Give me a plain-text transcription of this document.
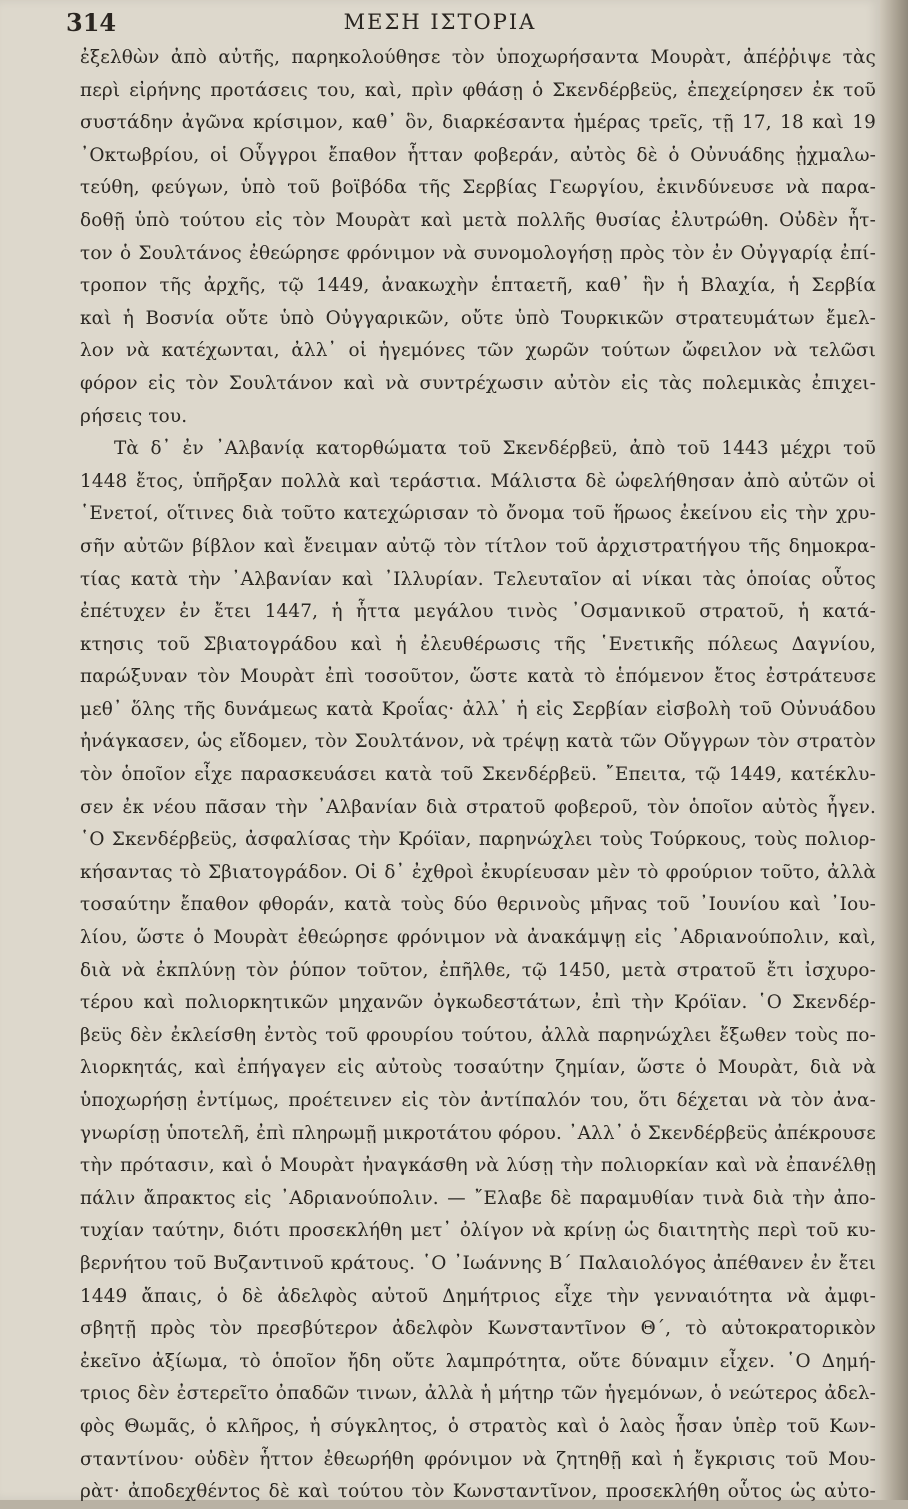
314	ΜΕΣΗ ΙΣΤΟΡΙΑ
ἐξελθὼν ἀπὸ αὐτῆς, παρηκολούθησε τὸν ὑποχωρήσαντα Μουρὰτ, ἀπέῤῥιψε τὰς
περὶ εἰρήνης προτάσεις του, καὶ, πρὶν φθάσῃ ὁ Σκενδέρβεϋς, ἐπεχείρησεν ἐκ τοῦ
συστάδην ἀγῶνα κρίσιμον, καθ᾿ ὃν, διαρκέσαντα ἡμέρας τρεῖς, τῇ 17, 18 καὶ 19
᾿Οκτωβρίου, οἱ Οὗγγροι ἔπαθον ἧτταν φοβεράν, αὐτὸς δὲ ὁ Οὐνυάδης ᾐχμαλω-
τεύθη, φεύγων, ὑπὸ τοῦ βοϊβόδα τῆς Σερβίας Γεωργίου, ἐκινδύνευσε νὰ παρα-
δοθῇ ὑπὸ τούτου εἰς τὸν Μουρὰτ καὶ μετὰ πολλῆς θυσίας ἐλυτρώθη. Οὐδὲν ἧτ-
τον ὁ Σουλτάνος ἐθεώρησε φρόνιμον νὰ συνομολογήσῃ πρὸς τὸν ἐν Οὐγγαρίᾳ ἐπί-
τροπον τῆς ἀρχῆς, τῷ 1449, ἀνακωχὴν ἑπταετῆ, καθ᾿ ἣν ἡ Βλαχία, ἡ Σερβία
καὶ ἡ Βοσνία οὔτε ὑπὸ Οὐγγαρικῶν, οὔτε ὑπὸ Τουρκικῶν στρατευμάτων ἔμελ-
λον νὰ κατέχωνται, ἀλλ᾿ οἱ ἡγεμόνες τῶν χωρῶν τούτων ὤφειλον νὰ τελῶσι
φόρον εἰς τὸν Σουλτάνον καὶ νὰ συντρέχωσιν αὐτὸν εἰς τὰς πολεμικὰς ἐπιχει-
ρήσεις του.
Τὰ δ᾿ ἐν ᾿Αλβανίᾳ κατορθώματα τοῦ Σκενδέρβεϋ, ἀπὸ τοῦ 1443 μέχρι τοῦ
1448 ἔτος, ὑπῆρξαν πολλὰ καὶ τεράστια. Μάλιστα δὲ ὠφελήθησαν ἀπὸ αὐτῶν οἱ
῾Ενετοί, οἵτινες διὰ τοῦτο κατεχώρισαν τὸ ὄνομα τοῦ ἥρωος ἐκείνου εἰς τὴν χρυ-
σῆν αὐτῶν βίβλον καὶ ἔνειμαν αὐτῷ τὸν τίτλον τοῦ ἀρχιστρατήγου τῆς δημοκρα-
τίας κατὰ τὴν ᾿Αλβανίαν καὶ ᾿Ιλλυρίαν. Τελευταῖον αἱ νίκαι τὰς ὁποίας οὗτος
ἐπέτυχεν ἐν ἔτει 1447, ἡ ἧττα μεγάλου τινὸς ᾿Οσμανικοῦ στρατοῦ, ἡ κατά-
κτησις τοῦ Σβιατογράδου καὶ ἡ ἐλευθέρωσις τῆς ῾Ενετικῆς πόλεως Δαγνίου,
παρώξυναν τὸν Μουρὰτ ἐπὶ τοσοῦτον, ὥστε κατὰ τὸ ἑπόμενον ἔτος ἐστράτευσε
μεθ᾿ ὅλης τῆς δυνάμεως κατὰ Κροΐας· ἀλλ᾿ ἡ εἰς Σερβίαν εἰσβολὴ τοῦ Οὐνυάδου
ἠνάγκασεν, ὡς εἴδομεν, τὸν Σουλτάνον, νὰ τρέψῃ κατὰ τῶν Οὔγγρων τὸν στρατὸν
τὸν ὁποῖον εἶχε παρασκευάσει κατὰ τοῦ Σκενδέρβεϋ. ῎Επειτα, τῷ 1449, κατέκλυ-
σεν ἐκ νέου πᾶσαν τὴν ᾿Αλβανίαν διὰ στρατοῦ φοβεροῦ, τὸν ὁποῖον αὐτὸς ἦγεν.
῾Ο Σκενδέρβεϋς, ἀσφαλίσας τὴν Κρόϊαν, παρηνώχλει τοὺς Τούρκους, τοὺς πολιορ-
κήσαντας τὸ Σβιατογράδον. Οἱ δ᾿ ἐχθροὶ ἐκυρίευσαν μὲν τὸ φρούριον τοῦτο, ἀλλὰ
τοσαύτην ἔπαθον φθοράν, κατὰ τοὺς δύο θερινοὺς μῆνας τοῦ ᾿Ιουνίου καὶ ᾿Ιου-
λίου, ὥστε ὁ Μουρὰτ ἐθεώρησε φρόνιμον νὰ ἀνακάμψῃ εἰς ᾿Αδριανούπολιν, καὶ,
διὰ νὰ ἐκπλύνῃ τὸν ῥύπον τοῦτον, ἐπῆλθε, τῷ 1450, μετὰ στρατοῦ ἔτι ἰσχυρο-
τέρου καὶ πολιορκητικῶν μηχανῶν ὀγκωδεστάτων, ἐπὶ τὴν Κρόϊαν. ῾Ο Σκενδέρ-
βεϋς δὲν ἐκλείσθη ἐντὸς τοῦ φρουρίου τούτου, ἀλλὰ παρηνώχλει ἔξωθεν τοὺς πο-
λιορκητάς, καὶ ἐπήγαγεν εἰς αὐτοὺς τοσαύτην ζημίαν, ὥστε ὁ Μουρὰτ, διὰ νὰ
ὑποχωρήσῃ ἐντίμως, προέτεινεν εἰς τὸν ἀντίπαλόν του, ὅτι δέχεται νὰ τὸν ἀνα-
γνωρίσῃ ὑποτελῆ, ἐπὶ πληρωμῇ μικροτάτου φόρου. ᾿Αλλ᾿ ὁ Σκενδέρβεϋς ἀπέκρουσε
τὴν πρότασιν, καὶ ὁ Μουρὰτ ἠναγκάσθη νὰ λύσῃ τὴν πολιορκίαν καὶ νὰ ἐπανέλθῃ
πάλιν ἄπρακτος εἰς ᾿Αδριανούπολιν. — ῎Ελαβε δὲ παραμυθίαν τινὰ διὰ τὴν ἀπο-
τυχίαν ταύτην, διότι προσεκλήθη μετ᾿ ὀλίγον νὰ κρίνῃ ὡς διαιτητὴς περὶ τοῦ κυ-
βερνήτου τοῦ Βυζαντινοῦ κράτους. ῾Ο ᾿Ιωάννης Β΄ Παλαιολόγος ἀπέθανεν ἐν ἔτει
1449 ἄπαις, ὁ δὲ ἀδελφὸς αὐτοῦ Δημήτριος εἶχε τὴν γενναιότητα νὰ ἀμφι-
σβητῇ πρὸς τὸν πρεσβύτερον ἀδελφὸν Κωνσταντῖνον Θ΄, τὸ αὐτοκρατορικὸν
ἐκεῖνο ἀξίωμα, τὸ ὁποῖον ἤδη οὔτε λαμπρότητα, οὔτε δύναμιν εἶχεν. ῾Ο Δημή-
τριος δὲν ἐστερεῖτο ὀπαδῶν τινων, ἀλλὰ ἡ μήτηρ τῶν ἡγεμόνων, ὁ νεώτερος ἀδελ-
φὸς Θωμᾶς, ὁ κλῆρος, ἡ σύγκλητος, ὁ στρατὸς καὶ ὁ λαὸς ἦσαν ὑπὲρ τοῦ Κων-
σταντίνου· οὐδὲν ἧττον ἐθεωρήθη φρόνιμον νὰ ζητηθῇ καὶ ἡ ἔγκρισις τοῦ Μου-
ρὰτ· ἀποδεχθέντος δὲ καὶ τούτου τὸν Κωνσταντῖνον, προσεκλήθη οὗτος ὡς αὐτο-
